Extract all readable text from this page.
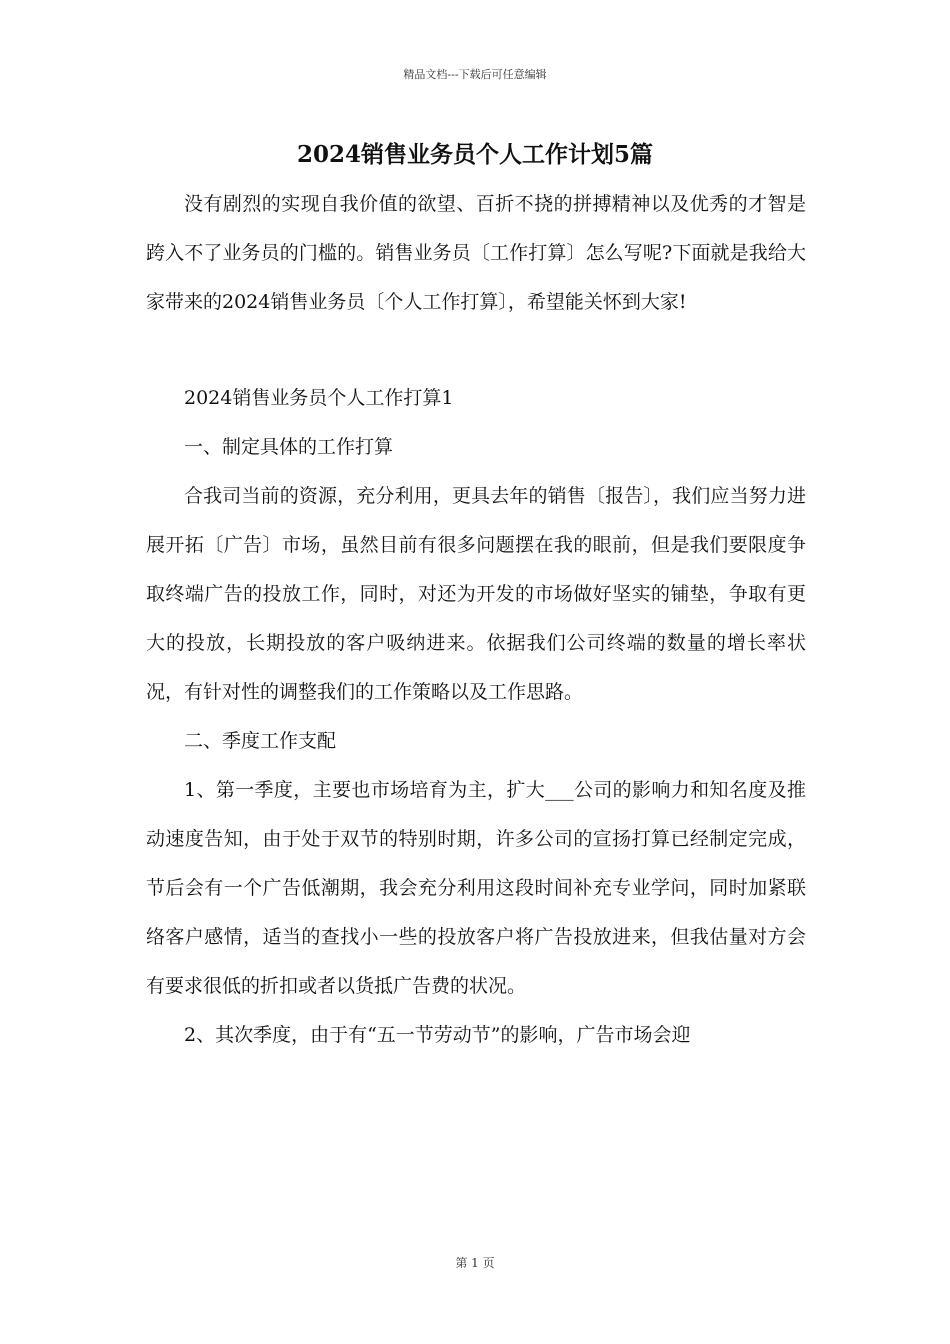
精品文档---下载后可任意编辑
2024销售业务员个人工作计划5篇

没有剧烈的实现自我价值的欲望、百折不挠的拼搏精神以及优秀的才智是跨入不了业务员的门槛的。销售业务员〔工作打算〕怎么写呢?下面就是我给大家带来的2024销售业务员〔个人工作打算〕，希望能关怀到大家!

2024销售业务员个人工作打算1

一、制定具体的工作打算

合我司当前的资源，充分利用，更具去年的销售〔报告〕，我们应当努力进展开拓〔广告〕市场，虽然目前有很多问题摆在我的眼前，但是我们要限度争取终端广告的投放工作，同时，对还为开发的市场做好坚实的铺垫，争取有更大的投放，长期投放的客户吸纳进来。依据我们公司终端的数量的增长率状况，有针对性的调整我们的工作策略以及工作思路。

二、季度工作支配

1、第一季度，主要也市场培育为主，扩大___公司的影响力和知名度及推动速度告知，由于处于双节的特别时期，许多公司的宣扬打算已经制定完成，节后会有一个广告低潮期，我会充分利用这段时间补充专业学问，同时加紧联络客户感情，适当的查找小一些的投放客户将广告投放进来，但我估量对方会有要求很低的折扣或者以货抵广告费的状况。

2、其次季度，由于有“五一节劳动节”的影响，广告市场会迎

第 1 页
